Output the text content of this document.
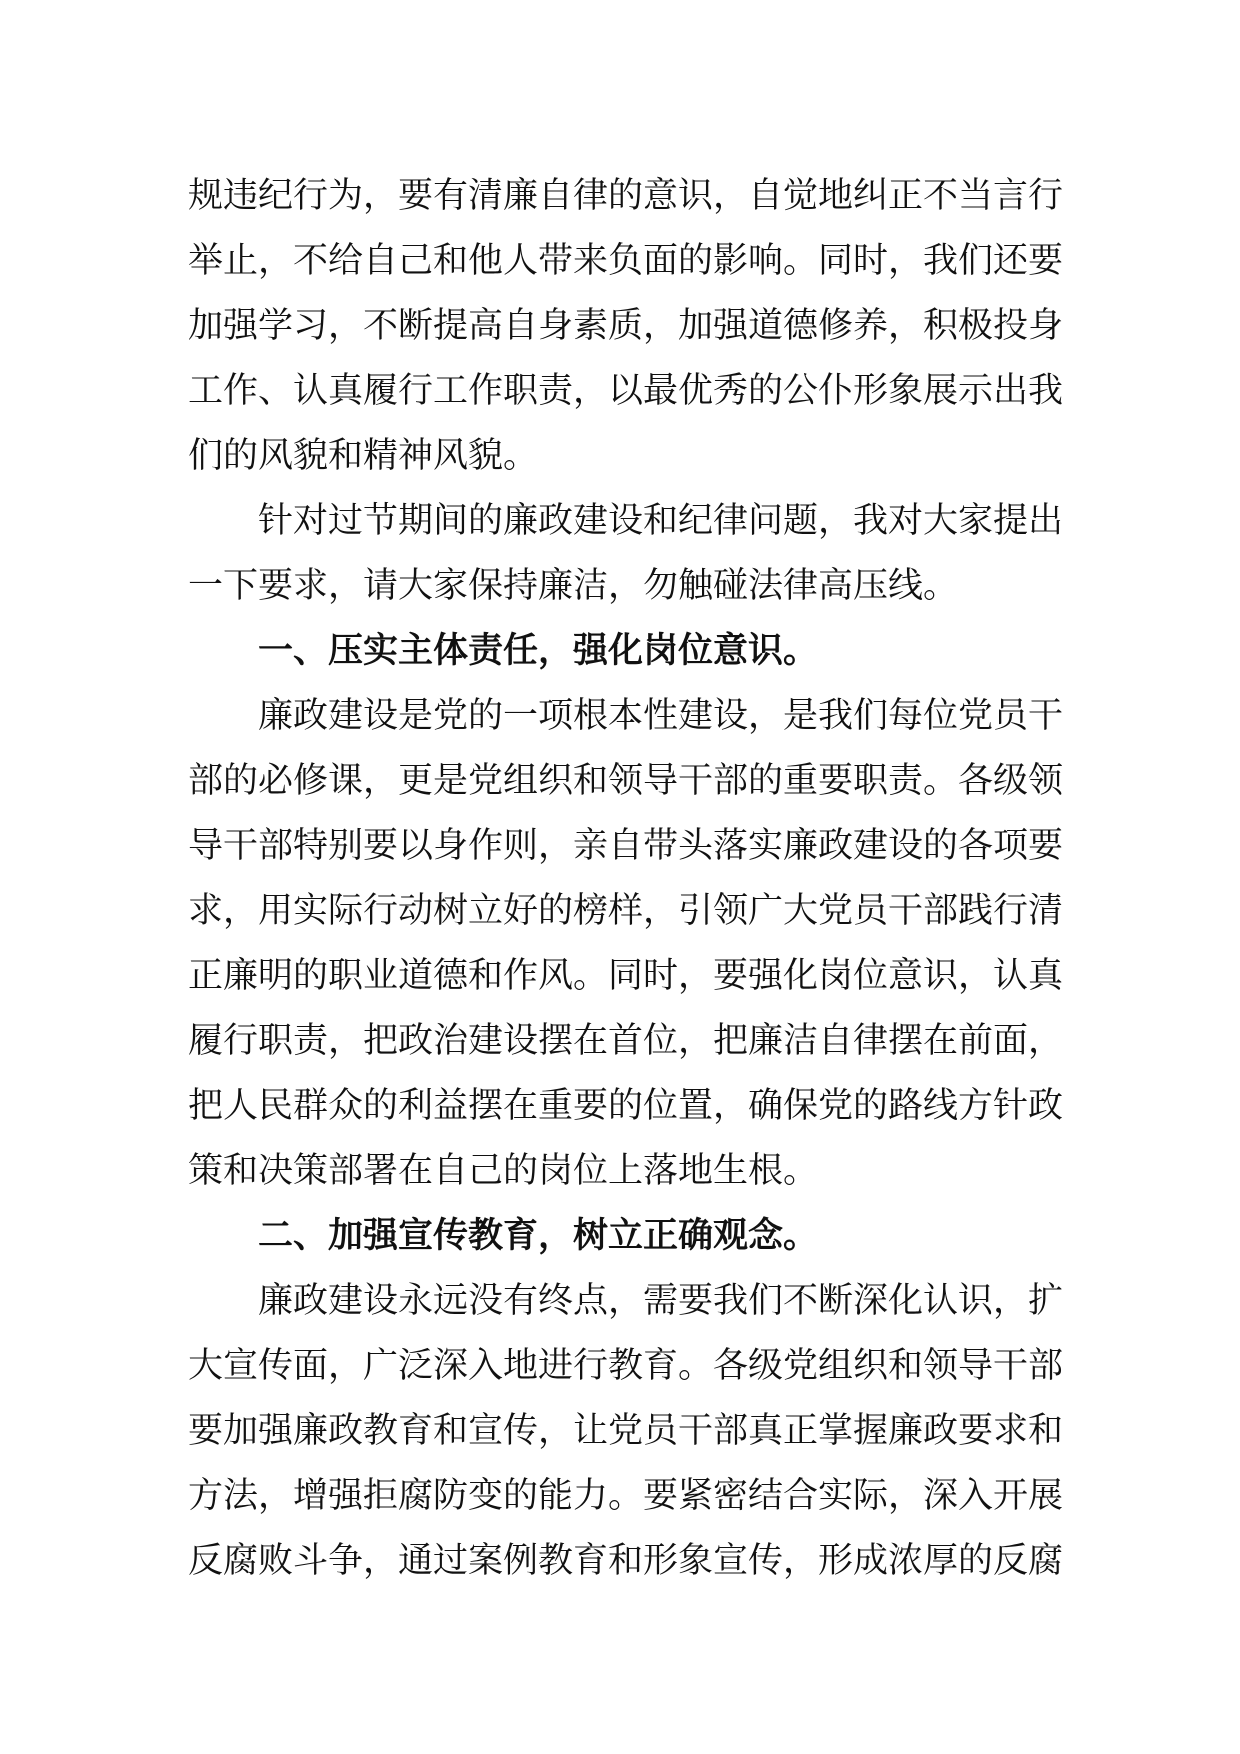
规违纪行为，要有清廉自律的意识，自觉地纠正不当言行
举止，不给自己和他人带来负面的影响。同时，我们还要
加强学习，不断提高自身素质，加强道德修养，积极投身
工作、认真履行工作职责，以最优秀的公仆形象展示出我
们的风貌和精神风貌。
针对过节期间的廉政建设和纪律问题，我对大家提出
一下要求，请大家保持廉洁，勿触碰法律高压线。
一、压实主体责任，强化岗位意识。
廉政建设是党的一项根本性建设，是我们每位党员干
部的必修课，更是党组织和领导干部的重要职责。各级领
导干部特别要以身作则，亲自带头落实廉政建设的各项要
求，用实际行动树立好的榜样，引领广大党员干部践行清
正廉明的职业道德和作风。同时，要强化岗位意识，认真
履行职责，把政治建设摆在首位，把廉洁自律摆在前面，
把人民群众的利益摆在重要的位置，确保党的路线方针政
策和决策部署在自己的岗位上落地生根。
二、加强宣传教育，树立正确观念。
廉政建设永远没有终点，需要我们不断深化认识，扩
大宣传面，广泛深入地进行教育。各级党组织和领导干部
要加强廉政教育和宣传，让党员干部真正掌握廉政要求和
方法，增强拒腐防变的能力。要紧密结合实际，深入开展
反腐败斗争，通过案例教育和形象宣传，形成浓厚的反腐
